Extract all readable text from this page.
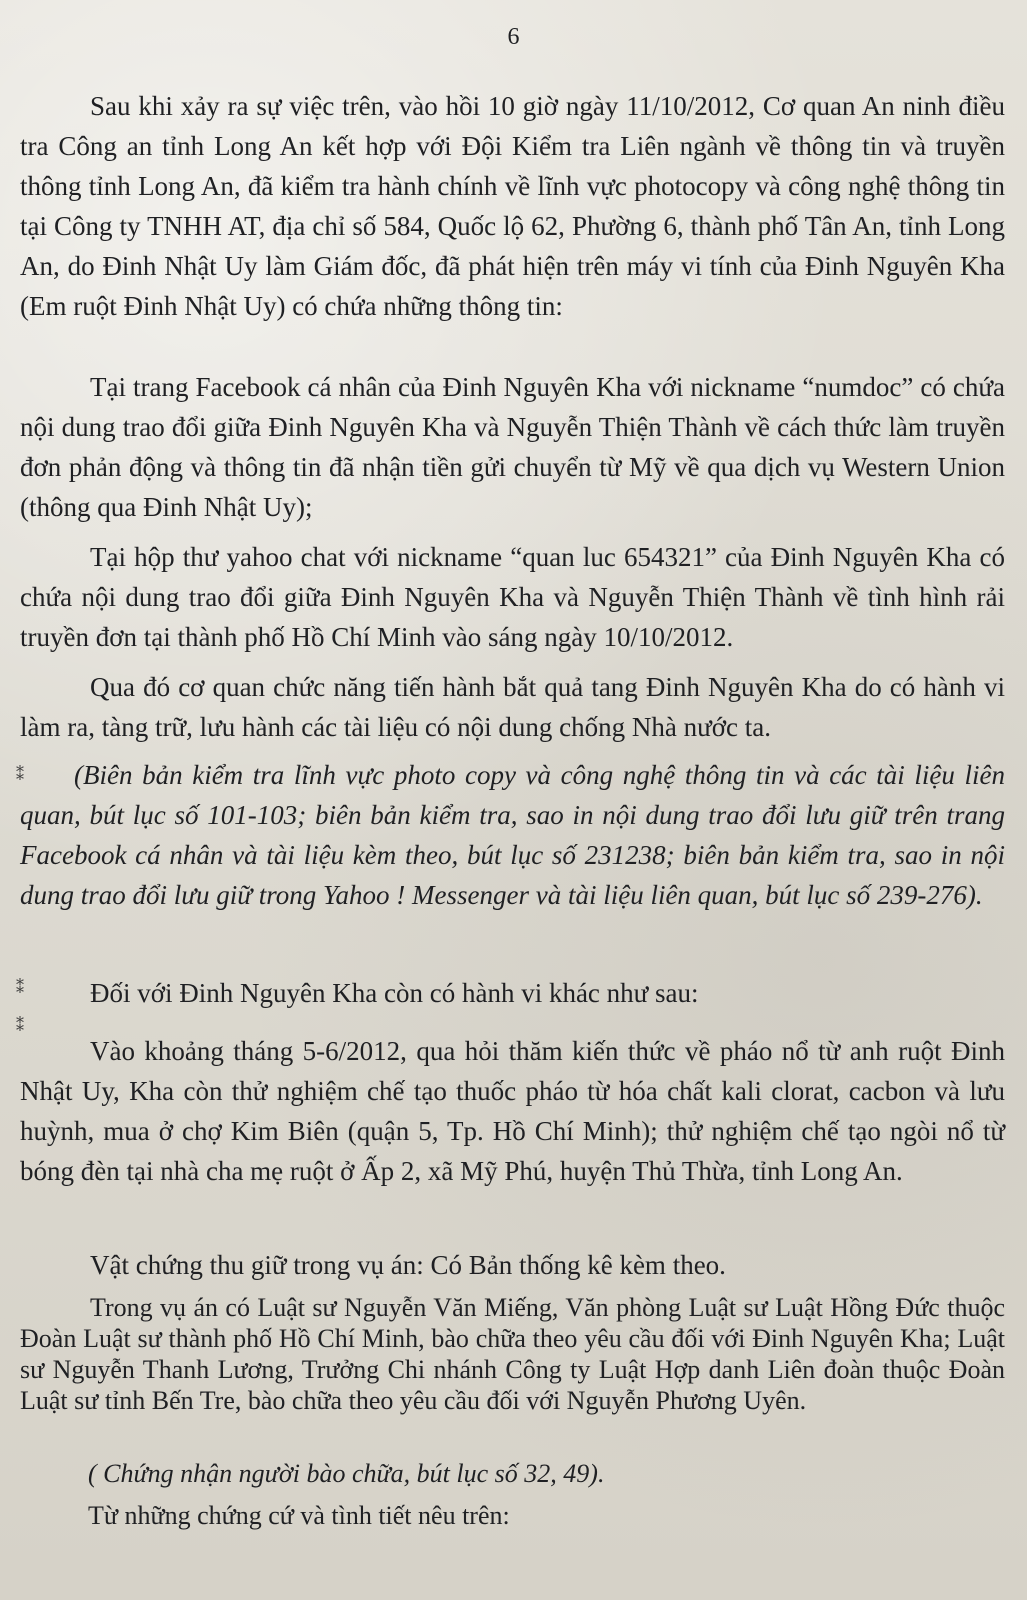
6

Sau khi xảy ra sự việc trên, vào hồi 10 giờ ngày 11/10/2012, Cơ quan An ninh điều tra Công an tỉnh Long An kết hợp với Đội Kiểm tra Liên ngành về thông tin và truyền thông tỉnh Long An, đã kiểm tra hành chính về lĩnh vực photocopy và công nghệ thông tin tại Công ty TNHH AT, địa chỉ số 584, Quốc lộ 62, Phường 6, thành phố Tân An, tỉnh Long An, do Đinh Nhật Uy làm Giám đốc, đã phát hiện trên máy vi tính của Đinh Nguyên Kha (Em ruột Đinh Nhật Uy) có chứa những thông tin:

Tại trang Facebook cá nhân của Đinh Nguyên Kha với nickname “numdoc” có chứa nội dung trao đổi giữa Đinh Nguyên Kha và Nguyễn Thiện Thành về cách thức làm truyền đơn phản động và thông tin đã nhận tiền gửi chuyển từ Mỹ về qua dịch vụ Western Union (thông qua Đinh Nhật Uy);

Tại hộp thư yahoo chat với nickname “quan luc 654321” của Đinh Nguyên Kha có chứa nội dung trao đổi giữa Đinh Nguyên Kha và Nguyễn Thiện Thành về tình hình rải truyền đơn tại thành phố Hồ Chí Minh vào sáng ngày 10/10/2012.

Qua đó cơ quan chức năng tiến hành bắt quả tang Đinh Nguyên Kha do có hành vi làm ra, tàng trữ, lưu hành các tài liệu có nội dung chống Nhà nước ta.

(Biên bản kiểm tra lĩnh vực photo copy và công nghệ thông tin và các tài liệu liên quan, bút lục số 101-103; biên bản kiểm tra, sao in nội dung trao đổi lưu giữ trên trang Facebook cá nhân và tài liệu kèm theo, bút lục số 231238; biên bản kiểm tra, sao in nội dung trao đổi lưu giữ trong Yahoo ! Messenger và tài liệu liên quan, bút lục số 239-276).

Đối với Đinh Nguyên Kha còn có hành vi khác như sau:

Vào khoảng tháng 5-6/2012, qua hỏi thăm kiến thức về pháo nổ từ anh ruột Đinh Nhật Uy, Kha còn thử nghiệm chế tạo thuốc pháo từ hóa chất kali clorat, cacbon và lưu huỳnh, mua ở chợ Kim Biên (quận 5, Tp. Hồ Chí Minh); thử nghiệm chế tạo ngòi nổ từ bóng đèn tại nhà cha mẹ ruột ở Ấp 2, xã Mỹ Phú, huyện Thủ Thừa, tỉnh Long An.

Vật chứng thu giữ trong vụ án: Có Bản thống kê kèm theo.

Trong vụ án có Luật sư Nguyễn Văn Miếng, Văn phòng Luật sư Luật Hồng Đức thuộc Đoàn Luật sư thành phố Hồ Chí Minh, bào chữa theo yêu cầu đối với Đinh Nguyên Kha; Luật sư Nguyễn Thanh Lương, Trưởng Chi nhánh Công ty Luật Hợp danh Liên đoàn thuộc Đoàn Luật sư tỉnh Bến Tre, bào chữa theo yêu cầu đối với Nguyễn Phương Uyên.

( Chứng nhận người bào chữa, bút lục số 32, 49).

Từ những chứng cứ và tình tiết nêu trên:

⁑
⁑
⁑
